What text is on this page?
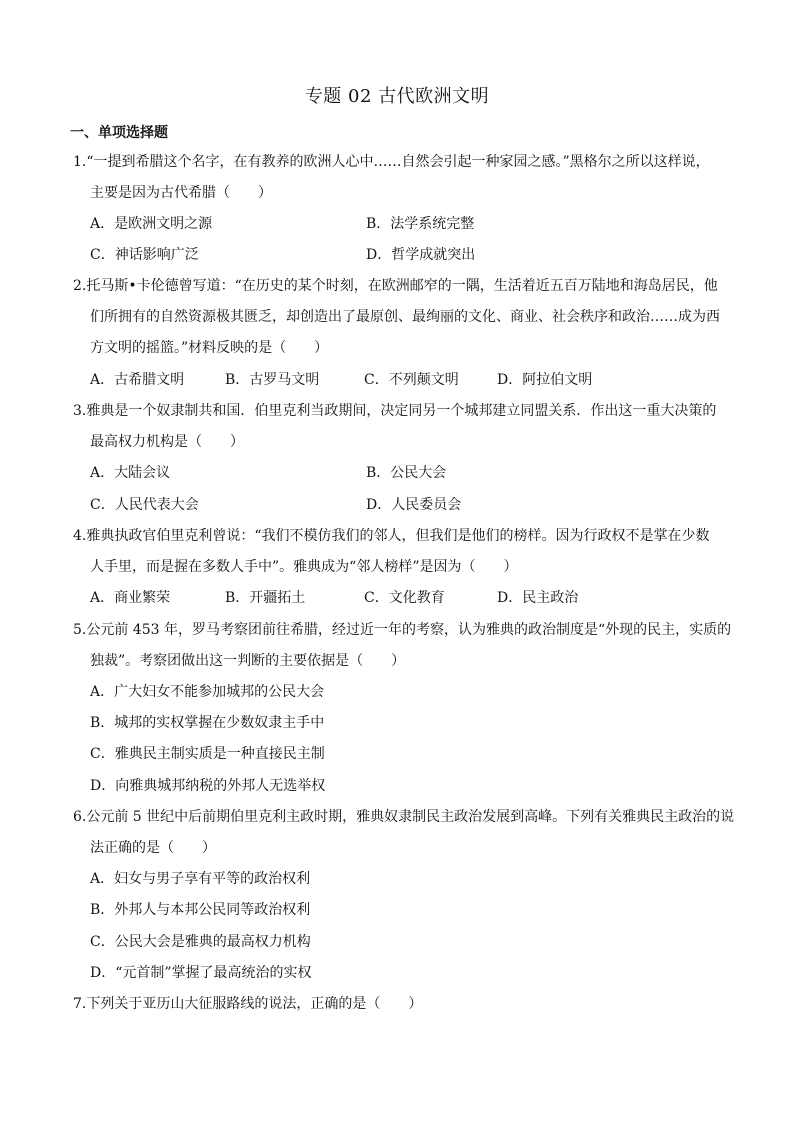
专题 02 古代欧洲文明
一、单项选择题
1.“一提到希腊这个名字，在有教养的欧洲人心中……自然会引起一种家园之感。”黑格尔之所以这样说，
主要是因为古代希腊（　　）
A．是欧洲文明之源	B．法学系统完整
C．神话影响广泛	D．哲学成就突出
2.托马斯•卡伦德曾写道：“在历史的某个时刻，在欧洲邮窄的一隅，生活着近五百万陆地和海岛居民，他
们所拥有的自然资源极其匮乏，却创造出了最原创、最绚丽的文化、商业、社会秩序和政治……成为西
方文明的摇篮。”材料反映的是（　　）
A．古希腊文明	B．古罗马文明	C．不列颠文明	D．阿拉伯文明
3.雅典是一个奴隶制共和国．伯里克利当政期间，决定同另一个城邦建立同盟关系．作出这一重大决策的
最高权力机构是（　　）
A．大陆会议	B．公民大会
C．人民代表大会	D．人民委员会
4.雅典执政官伯里克利曾说：“我们不模仿我们的邻人，但我们是他们的榜样。因为行政权不是掌在少数
人手里，而是握在多数人手中”。雅典成为“邻人榜样”是因为（　　）
A．商业繁荣	B．开疆拓土	C．文化教育	D．民主政治
5.公元前 453 年，罗马考察团前往希腊，经过近一年的考察，认为雅典的政治制度是“外现的民主，实质的
独裁”。考察团做出这一判断的主要依据是（　　）
A．广大妇女不能参加城邦的公民大会
B．城邦的实权掌握在少数奴隶主手中
C．雅典民主制实质是一种直接民主制
D．向雅典城邦纳税的外邦人无选举权
6.公元前 5 世纪中后前期伯里克利主政时期，雅典奴隶制民主政治发展到高峰。下列有关雅典民主政治的说
法正确的是（　　）
A．妇女与男子享有平等的政治权利
B．外邦人与本邦公民同等政治权利
C．公民大会是雅典的最高权力机构
D．“元首制”掌握了最高统治的实权
7.下列关于亚历山大征服路线的说法，正确的是（　　）
